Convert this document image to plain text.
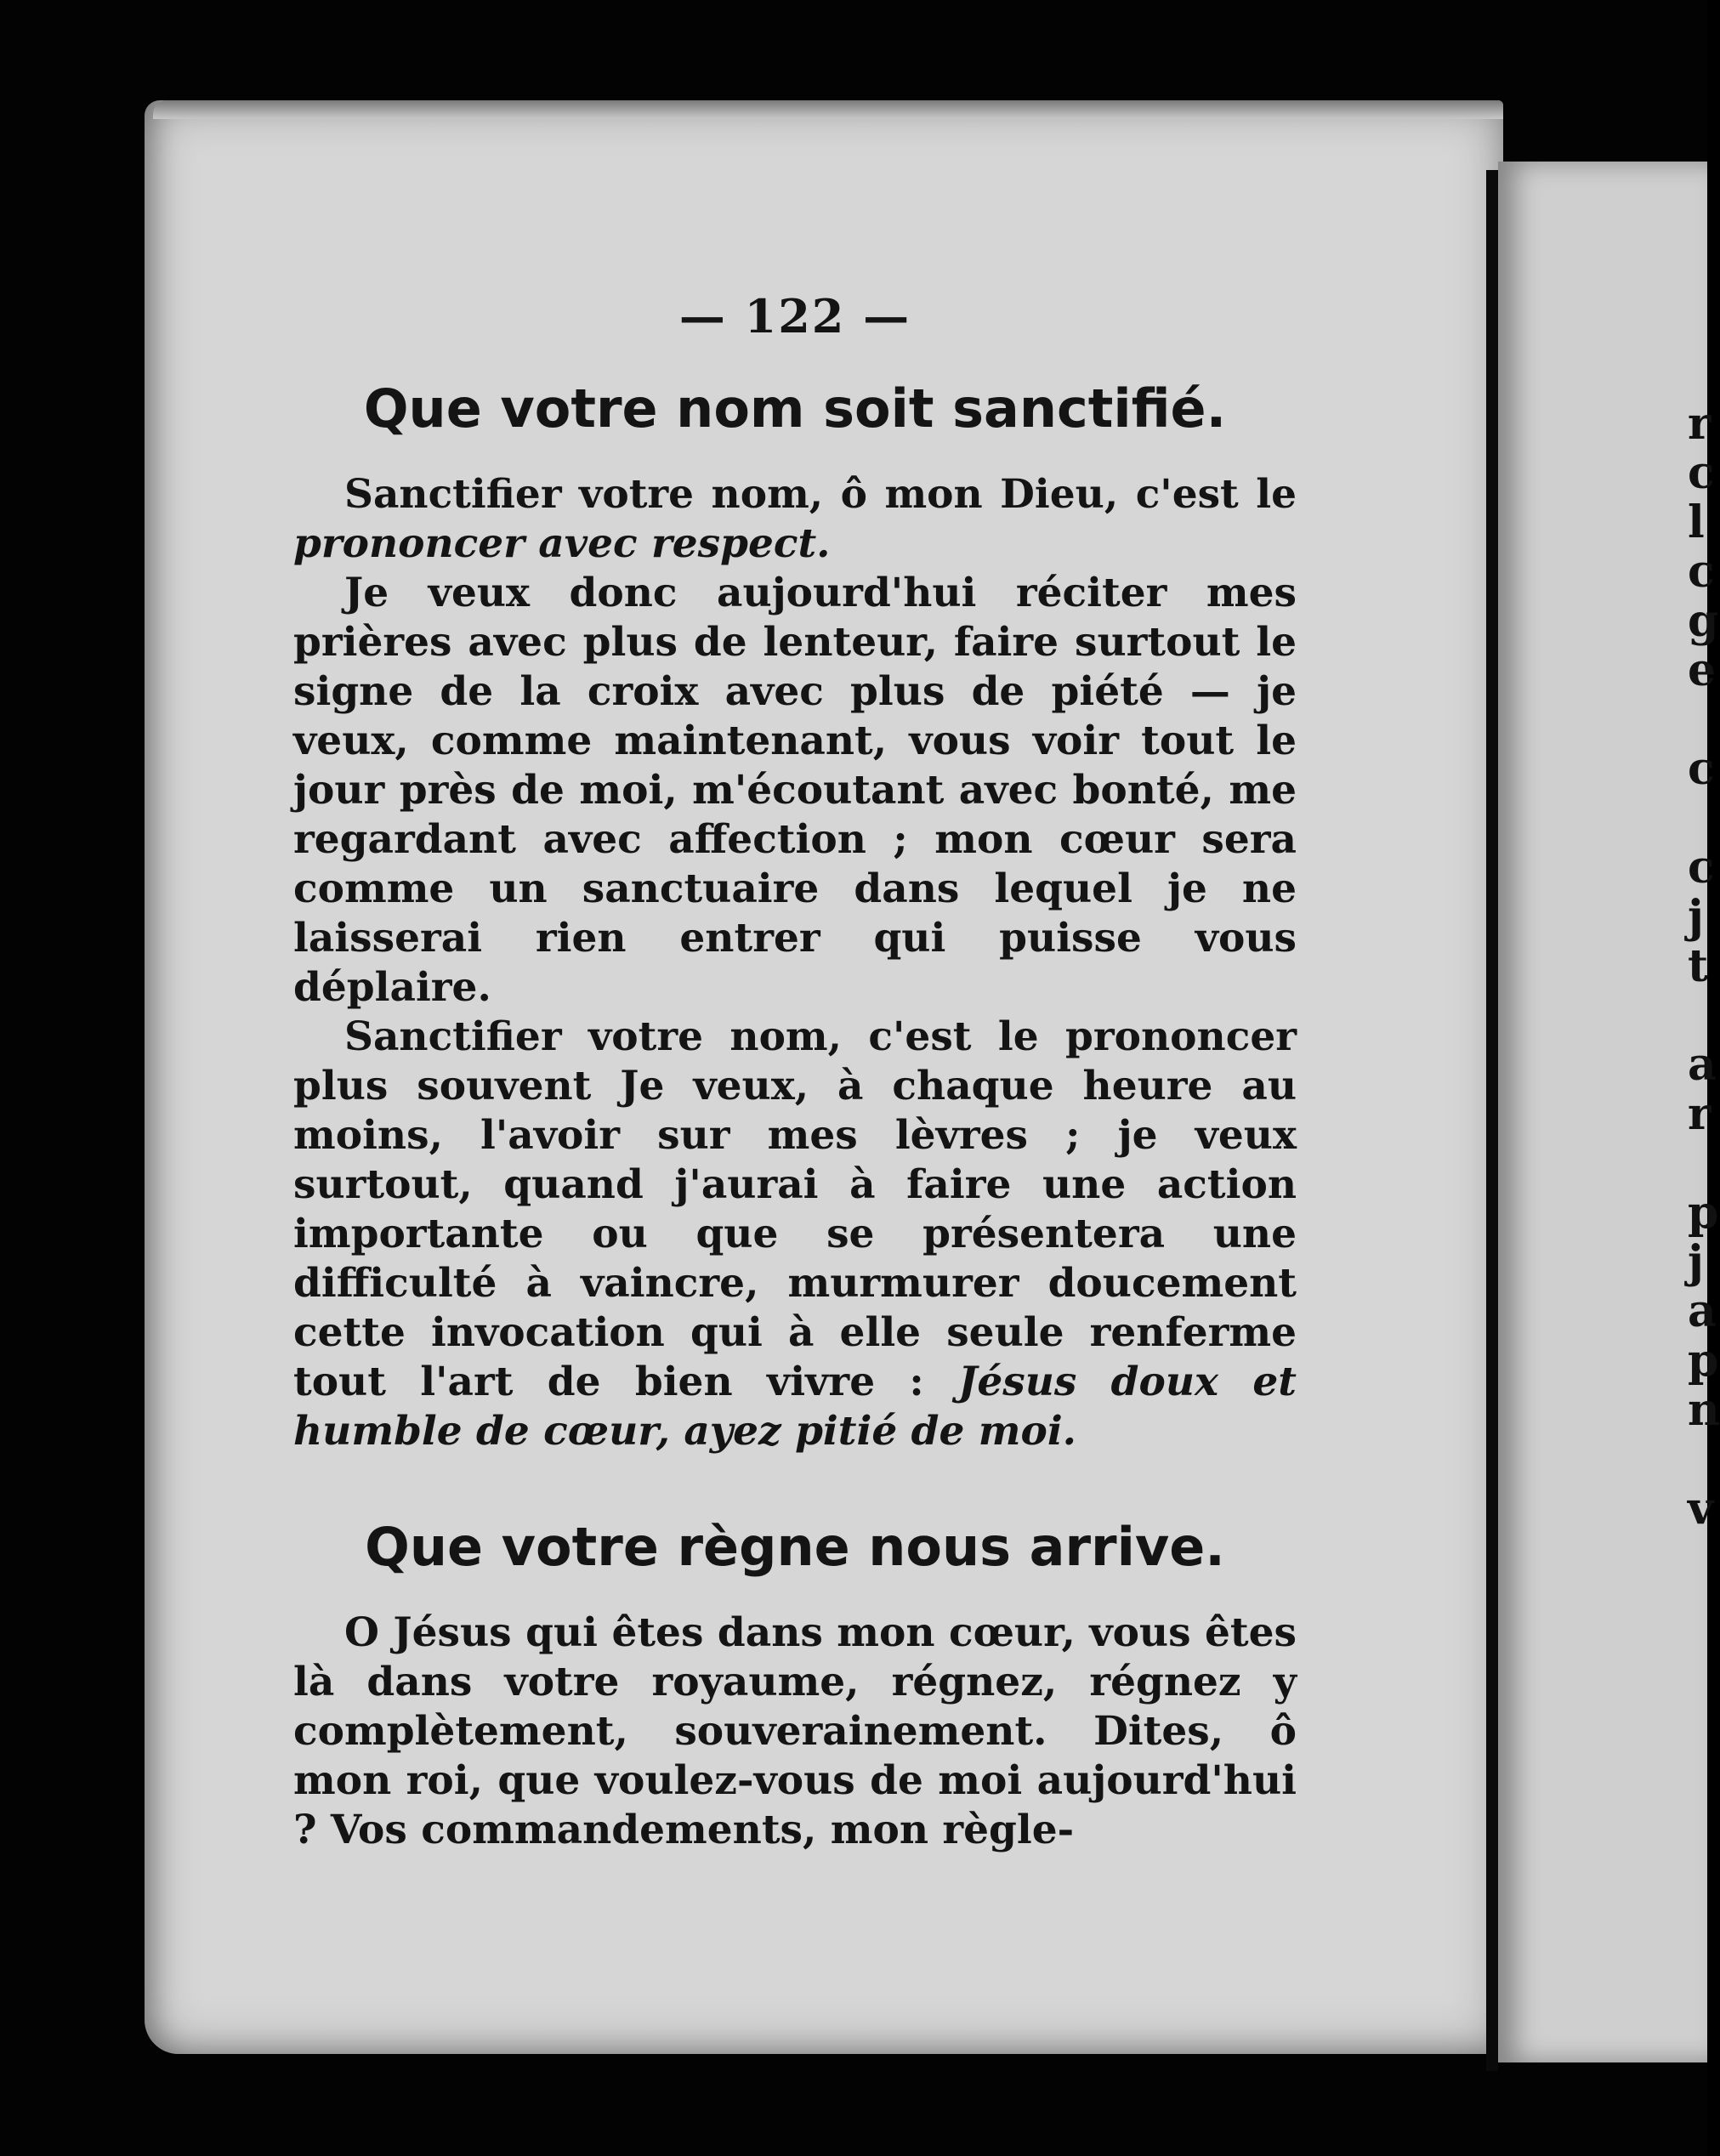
r
c
l
c
g
e

c

c
j
t

a
r

p
j
a
p
n

v
— 122 —
Que votre nom soit sanctifié.

Sanctifier votre nom, ô mon Dieu, c'est le prononcer avec respect.

Je veux donc aujourd'hui réciter mes prières avec plus de lenteur, faire surtout le signe de la croix avec plus de piété — je veux, comme maintenant, vous voir tout le jour près de moi, m'écoutant avec bonté, me regardant avec affection ; mon cœur sera comme un sanctuaire dans lequel je ne laisserai rien entrer qui puisse vous déplaire.

Sanctifier votre nom, c'est le prononcer plus souvent Je veux, à chaque heure au moins, l'avoir sur mes lèvres ; je veux surtout, quand j'aurai à faire une action importante ou que se présentera une difficulté à vaincre, murmurer doucement cette invocation qui à elle seule renferme tout l'art de bien vivre : Jésus doux et humble de cœur, ayez pitié de moi.

Que votre règne nous arrive.

O Jésus qui êtes dans mon cœur, vous êtes là dans votre royaume, régnez, régnez y complètement, souverainement. Dites, ô mon roi, que voulez-vous de moi aujourd'hui ? Vos commandements, mon règle-
